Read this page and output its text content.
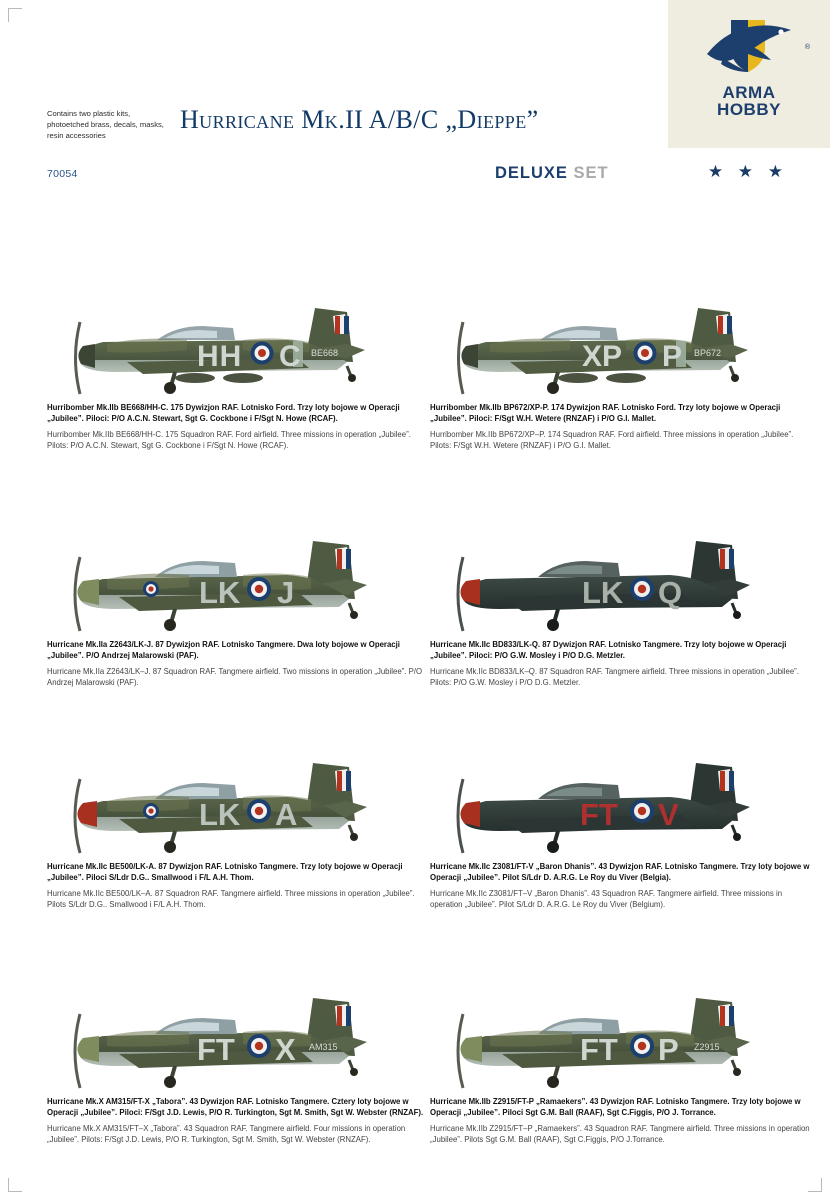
®
ARMA
HOBBY
★ ★ ★
Contains two plastic kits, photoetched brass, decals, masks, resin accessories
70054
Hurricane Mk.II A/B/C „Dieppe”
DELUXE SET
HH C BE668
Hurribomber Mk.IIb BE668/HH-C. 175 Dywizjon RAF. Lotnisko Ford. Trzy loty bojowe w Operacji „Jubilee”. Piloci: P/O A.C.N. Stewart, Sgt G. Cockbone i F/Sgt N. Howe (RCAF).
Hurribomber Mk.IIb BE668/HH-C. 175 Squadron RAF. Ford airfield. Three missions in operation „Jubilee”. Pilots: P/O A.C.N. Stewart, Sgt G. Cockbone i F/Sgt N. Howe (RCAF).
XP P BP672
Hurribomber Mk.IIb BP672/XP-P. 174 Dywizjon RAF. Lotnisko Ford. Trzy loty bojowe w Operacji „Jubilee”. Piloci: F/Sgt W.H. Wetere (RNZAF) i P/O G.I. Mallet.
Hurribomber Mk.IIb BP672/XP–P. 174 Squadron RAF. Ford airfield. Three missions in operation „Jubilee”. Pilots: F/Sgt W.H. Wetere (RNZAF) i P/O G.I. Mallet.
LK J
Hurricane Mk.IIa Z2643/LK-J. 87 Dywizjon RAF. Lotnisko Tangmere. Dwa loty bojowe w Operacji „Jubilee”. P/O Andrzej Malarowski (PAF).
Hurricane Mk.IIa Z2643/LK–J. 87 Squadron RAF. Tangmere airfield. Two missions in operation „Jubilee”. P/O Andrzej Malarowski (PAF).
LK Q
Hurricane Mk.IIc BD833/LK-Q. 87 Dywizjon RAF. Lotnisko Tangmere. Trzy loty bojowe w Operacji „Jubilee”. Piloci: P/O G.W. Mosley i P/O D.G. Metzler.
Hurricane Mk.IIc BD833/LK–Q. 87 Squadron RAF. Tangmere airfield. Three missions in operation „Jubilee”. Pilots: P/O G.W. Mosley i P/O D.G. Metzler.
LK A
Hurricane Mk.IIc BE500/LK-A. 87 Dywizjon RAF. Lotnisko Tangmere. Trzy loty bojowe w Operacji „Jubilee”. Piloci S/Ldr D.G.. Smallwood i F/L A.H. Thom.
Hurricane Mk.IIc BE500/LK–A. 87 Squadron RAF. Tangmere airfield. Three missions in operation „Jubilee”. Pilots S/Ldr D.G.. Smallwood i F/L A.H. Thom.
FT V
Hurricane Mk.IIc Z3081/FT-V „Baron Dhanis”. 43 Dywizjon RAF. Lotnisko Tangmere. Trzy loty bojowe w Operacji „Jubilee”. Pilot S/Ldr D. A.R.G. Le Roy du Viver (Belgia).
Hurricane Mk.IIc Z3081/FT–V „Baron Dhanis”. 43 Squadron RAF. Tangmere airfield. Three missions in operation „Jubilee”. Pilot S/Ldr D. A.R.G. Le Roy du Viver (Belgium).
FT X AM315
Hurricane Mk.X AM315/FT-X „Tabora”. 43 Dywizjon RAF. Lotnisko Tangmere. Cztery loty bojowe w Operacji „Jubilee”. Piloci: F/Sgt J.D. Lewis, P/O R. Turkington, Sgt M. Smith, Sgt W. Webster (RNZAF).
Hurricane Mk.X AM315/FT–X „Tabora”. 43 Squadron RAF. Tangmere airfield. Four missions in operation „Jubilee”. Pilots: F/Sgt J.D. Lewis, P/O R. Turkington, Sgt M. Smith, Sgt W. Webster (RNZAF).
FT P Z2915
Hurricane Mk.IIb Z2915/FT-P „Ramaekers”. 43 Dywizjon RAF. Lotnisko Tangmere. Trzy loty bojowe w Operacji „Jubilee”. Piloci Sgt G.M. Ball (RAAF), Sgt C.Figgis, P/O J. Torrance.
Hurricane Mk.IIb Z2915/FT–P „Ramaekers”. 43 Squadron RAF. Tangmere airfield. Three missions in operation „Jubilee”. Pilots Sgt G.M. Ball (RAAF), Sgt C.Figgis, P/O J.Torrance.
